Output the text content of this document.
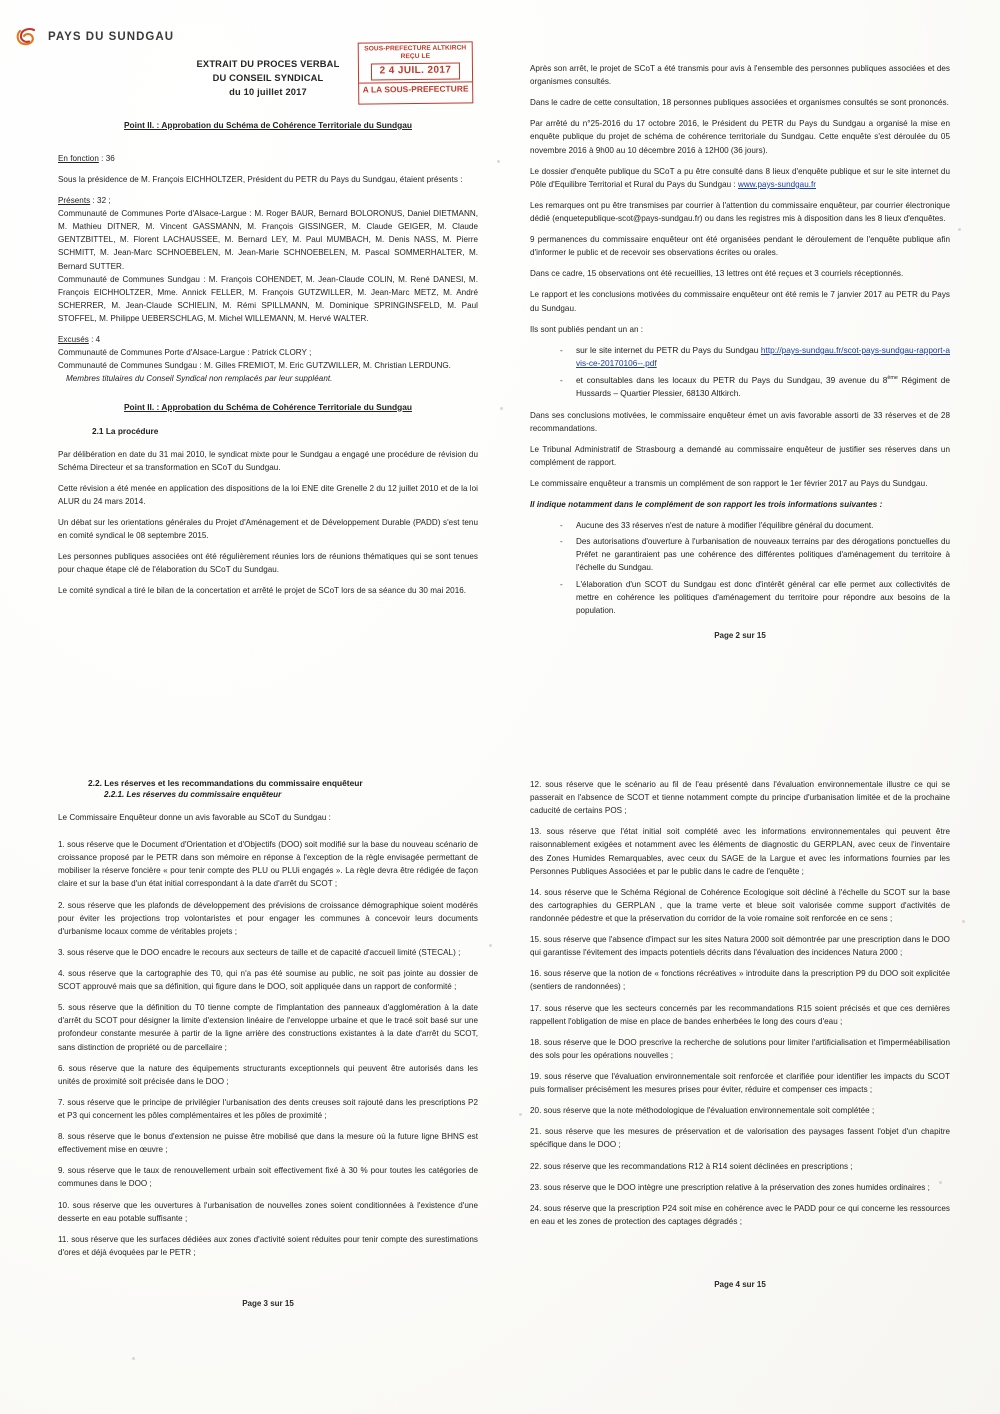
PAYS DU SUNDGAU
EXTRAIT DU PROCES VERBAL
DU CONSEIL SYNDICAL
du 10 juillet 2017
Point II. : Approbation du Schéma de Cohérence Territoriale du Sundgau

En fonction : 36

Sous la présidence de M. François EICHHOLTZER, Président du PETR du Pays du Sundgau, étaient présents :

Présents : 32 ;

Communauté de Communes Porte d'Alsace-Largue : M. Roger BAUR, Bernard BOLORONUS, Daniel DIETMANN, M. Mathieu DITNER, M. Vincent GASSMANN, M. François GISSINGER, M. Claude GEIGER, M. Claude GENTZBITTEL, M. Florent LACHAUSSEE, M. Bernard LEY, M. Paul MUMBACH, M. Denis NASS, M. Pierre SCHMITT, M. Jean-Marc SCHNOEBELEN, M. Jean-Marie SCHNOEBELEN, M. Pascal SOMMERHALTER, M. Bernard SUTTER.

Communauté de Communes Sundgau : M. François COHENDET, M. Jean-Claude COLIN, M. René DANESI, M. François EICHHOLTZER, Mme. Annick FELLER, M. François GUTZWILLER, M. Jean-Marc METZ, M. André SCHERRER, M. Jean-Claude SCHIELIN, M. Rémi SPILLMANN, M. Dominique SPRINGINSFELD, M. Paul STOFFEL, M. Philippe UEBERSCHLAG, M. Michel WILLEMANN, M. Hervé WALTER.

Excusés : 4

Communauté de Communes Porte d'Alsace-Largue : Patrick CLORY ;

Communauté de Communes Sundgau : M. Gilles FREMIOT, M. Eric GUTZWILLER, M. Christian LERDUNG.

Membres titulaires du Conseil Syndical non remplacés par leur suppléant.

Point II. : Approbation du Schéma de Cohérence Territoriale du Sundgau
2.1 La procédure

Par délibération en date du 31 mai 2010, le syndicat mixte pour le Sundgau a engagé une procédure de révision du Schéma Directeur et sa transformation en SCoT du Sundgau.

Cette révision a été menée en application des dispositions de la loi ENE dite Grenelle 2 du 12 juillet 2010 et de la loi ALUR du 24 mars 2014.

Un débat sur les orientations générales du Projet d'Aménagement et de Développement Durable (PADD) s'est tenu en comité syndical le 08 septembre 2015.

Les personnes publiques associées ont été régulièrement réunies lors de réunions thématiques qui se sont tenues pour chaque étape clé de l'élaboration du SCoT du Sundgau.

Le comité syndical a tiré le bilan de la concertation et arrêté le projet de SCoT lors de sa séance du 30 mai 2016.

SOUS-PREFECTURE ALTKIRCH
REÇU LE
2 4 JUIL. 2017
A LA SOUS-PREFECTURE

Après son arrêt, le projet de SCoT a été transmis pour avis à l'ensemble des personnes publiques associées et des organismes consultés.

Dans le cadre de cette consultation, 18 personnes publiques associées et organismes consultés se sont prononcés.

Par arrêté du n°25-2016 du 17 octobre 2016, le Président du PETR du Pays du Sundgau a organisé la mise en enquête publique du projet de schéma de cohérence territoriale du Sundgau. Cette enquête s'est déroulée du 05 novembre 2016 à 9h00 au 10 décembre 2016 à 12H00 (36 jours).

Le dossier d'enquête publique du SCoT a pu être consulté dans 8 lieux d'enquête publique et sur le site internet du Pôle d'Equilibre Territorial et Rural du Pays du Sundgau : www.pays-sundgau.fr

Les remarques ont pu être transmises par courrier à l'attention du commissaire enquêteur, par courrier électronique dédié (enquetepublique-scot@pays-sundgau.fr) ou dans les registres mis à disposition dans les 8 lieux d'enquêtes.

9 permanences du commissaire enquêteur ont été organisées pendant le déroulement de l'enquête publique afin d'informer le public et de recevoir ses observations écrites ou orales.

Dans ce cadre, 15 observations ont été recueillies, 13 lettres ont été reçues et 3 courriels réceptionnés.

Le rapport et les conclusions motivées du commissaire enquêteur ont été remis le 7 janvier 2017 au PETR du Pays du Sundgau.

Ils sont publiés pendant un an :

- sur le site internet du PETR du Pays du Sundgau http://pays-sundgau.fr/scot-pays-sundgau-rapport-avis-ce-20170106--.pdf
- et consultables dans les locaux du PETR du Pays du Sundgau, 39 avenue du 8ème Régiment de Hussards – Quartier Plessier, 68130 Altkirch.

Dans ses conclusions motivées, le commissaire enquêteur émet un avis favorable assorti de 33 réserves et de 28 recommandations.

Le Tribunal Administratif de Strasbourg a demandé au commissaire enquêteur de justifier ses réserves dans un complément de rapport.

Le commissaire enquêteur a transmis un complément de son rapport le 1er février 2017 au Pays du Sundgau.

Il indique notamment dans le complément de son rapport les trois informations suivantes :

- Aucune des 33 réserves n'est de nature à modifier l'équilibre général du document.
- Des autorisations d'ouverture à l'urbanisation de nouveaux terrains par des dérogations ponctuelles du Préfet ne garantiraient pas une cohérence des différentes politiques d'aménagement du territoire à l'échelle du Sundgau.
- L'élaboration d'un SCOT du Sundgau est donc d'intérêt général car elle permet aux collectivités de mettre en cohérence les politiques d'aménagement du territoire pour répondre aux besoins de la population.
Page 2 sur 15
2.2. Les réserves et les recommandations du commissaire enquêteur
2.2.1. Les réserves du commissaire enquêteur

Le Commissaire Enquêteur donne un avis favorable au SCoT du Sundgau :

1. sous réserve que le Document d'Orientation et d'Objectifs (DOO) soit modifié sur la base du nouveau scénario de croissance proposé par le PETR dans son mémoire en réponse à l'exception de la règle envisagée permettant de mobiliser la réserve foncière « pour tenir compte des PLU ou PLUi engagés ». La règle devra être rédigée de façon claire et sur la base d'un état initial correspondant à la date d'arrêt du SCOT ;

2. sous réserve que les plafonds de développement des prévisions de croissance démographique soient modérés pour éviter les projections trop volontaristes et pour engager les communes à concevoir leurs documents d'urbanisme locaux comme de véritables projets ;

3. sous réserve que le DOO encadre le recours aux secteurs de taille et de capacité d'accueil limité (STECAL) ;

4. sous réserve que la cartographie des T0, qui n'a pas été soumise au public, ne soit pas jointe au dossier de SCOT approuvé mais que sa définition, qui figure dans le DOO, soit appliquée dans un rapport de conformité ;

5. sous réserve que la définition du T0 tienne compte de l'implantation des panneaux d'agglomération à la date d'arrêt du SCOT pour désigner la limite d'extension linéaire de l'enveloppe urbaine et que le tracé soit basé sur une profondeur constante mesurée à partir de la ligne arrière des constructions existantes à la date d'arrêt du SCOT, sans distinction de propriété ou de parcellaire ;

6. sous réserve que la nature des équipements structurants exceptionnels qui peuvent être autorisés dans les unités de proximité soit précisée dans le DOO ;

7. sous réserve que le principe de privilégier l'urbanisation des dents creuses soit rajouté dans les prescriptions P2 et P3 qui concernent les pôles complémentaires et les pôles de proximité ;

8. sous réserve que le bonus d'extension ne puisse être mobilisé que dans la mesure où la future ligne BHNS est effectivement mise en œuvre ;

9. sous réserve que le taux de renouvellement urbain soit effectivement fixé à 30 % pour toutes les catégories de communes dans le DOO ;

10. sous réserve que les ouvertures à l'urbanisation de nouvelles zones soient conditionnées à l'existence d'une desserte en eau potable suffisante ;

11. sous réserve que les surfaces dédiées aux zones d'activité soient réduites pour tenir compte des surestimations d'ores et déjà évoquées par le PETR ;

Page 3 sur 15

12. sous réserve que le scénario au fil de l'eau présenté dans l'évaluation environnementale illustre ce qui se passerait en l'absence de SCOT et tienne notamment compte du principe d'urbanisation limitée et de la prochaine caducité de certains POS ;

13. sous réserve que l'état initial soit complété avec les informations environnementales qui peuvent être raisonnablement exigées et notamment avec les éléments de diagnostic du GERPLAN, avec ceux de l'inventaire des Zones Humides Remarquables, avec ceux du SAGE de la Largue et avec les informations fournies par les Personnes Publiques Associées et par le public dans le cadre de l'enquête ;

14. sous réserve que le Schéma Régional de Cohérence Ecologique soit décliné à l'échelle du SCOT sur la base des cartographies du GERPLAN , que la trame verte et bleue soit valorisée comme support d'activités de randonnée pédestre et que la préservation du corridor de la voie romaine soit renforcée en ce sens ;

15. sous réserve que l'absence d'impact sur les sites Natura 2000 soit démontrée par une prescription dans le DOO qui garantisse l'évitement des impacts potentiels décrits dans l'évaluation des incidences Natura 2000 ;

16. sous réserve que la notion de « fonctions récréatives » introduite dans la prescription P9 du DOO soit explicitée (sentiers de randonnées) ;

17. sous réserve que les secteurs concernés par les recommandations R15 soient précisés et que ces dernières rappellent l'obligation de mise en place de bandes enherbées le long des cours d'eau ;

18. sous réserve que le DOO prescrive la recherche de solutions pour limiter l'artificialisation et l'imperméabilisation des sols pour les opérations nouvelles ;

19. sous réserve que l'évaluation environnementale soit renforcée et clarifiée pour identifier les impacts du SCOT puis formaliser précisément les mesures prises pour éviter, réduire et compenser ces impacts ;

20. sous réserve que la note méthodologique de l'évaluation environnementale soit complétée ;

21. sous réserve que les mesures de préservation et de valorisation des paysages fassent l'objet d'un chapitre spécifique dans le DOO ;

22. sous réserve que les recommandations R12 à R14 soient déclinées en prescriptions ;

23. sous réserve que le DOO intègre une prescription relative à la préservation des zones humides ordinaires ;

24. sous réserve que la prescription P24 soit mise en cohérence avec le PADD pour ce qui concerne les ressources en eau et les zones de protection des captages dégradés ;

Page 4 sur 15
